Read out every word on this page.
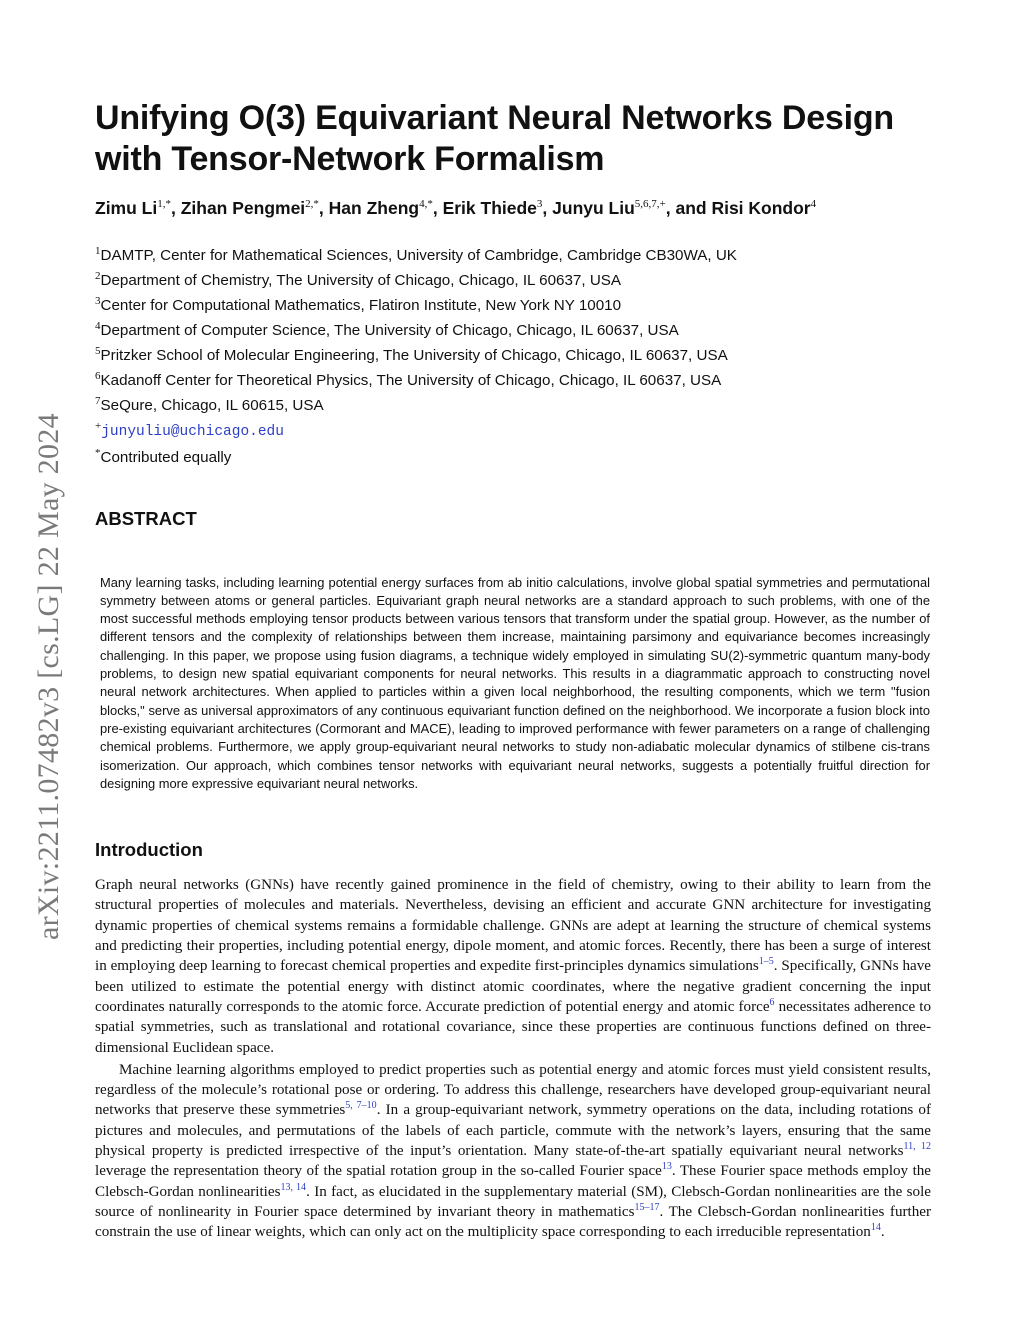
arXiv:2211.07482v3 [cs.LG] 22 May 2024
Unifying O(3) Equivariant Neural Networks Design
with Tensor-Network Formalism
Zimu $Li^{1,*}$, Zihan Pengmei$^{2,*}$, Han Zheng$^{4,*}$, Erik Thiede$^3$, Junyu Liu$^{5,6,7,+}$, and Risi Kondor$^4$
$^1$DAMTP, Center for Mathematical Sciences, University of Cambridge, Cambridge CB30WA, UK
$^2$Department of Chemistry, The University of Chicago, Chicago, IL 60637, USA
$^3$Center for Computational Mathematics, Flatiron Institute, New York NY 10010
$^4$Department of Computer Science, The University of Chicago, Chicago, IL 60637, USA
$^5$Pritzker School of Molecular Engineering, The University of Chicago, Chicago, IL 60637, USA
$^6$Kadanoff Center for Theoretical Physics, The University of Chicago, Chicago, IL 60637, USA
$^7$SeQure, Chicago, IL 60615, USA
+junyuliu@uchicago.edu
*Contributed equally
ABSTRACT

Many learning tasks, including learning potential energy surfaces from ab initio calculations, involve global spatial symmetries and permutational symmetry between atoms or general particles. Equivariant graph neural networks are a standard approach to such problems, with one of the most successful methods employing tensor products between various tensors that transform under the spatial group. However, as the number of different tensors and the complexity of relationships between them increase, maintaining parsimony and equivariance becomes increasingly challenging. In this paper, we propose using fusion diagrams, a technique widely employed in simulating SU(2)-symmetric quantum many-body problems, to design new spatial equivariant components for neural networks. This results in a diagrammatic approach to constructing novel neural network architectures. When applied to particles within a given local neighborhood, the resulting components, which we term "fusion blocks," serve as universal approximators of any continuous equivariant function defined on the neighborhood. We incorporate a fusion block into pre-existing equivariant architectures (Cormorant and MACE), leading to improved performance with fewer parameters on a range of challenging chemical problems. Furthermore, we apply group-equivariant neural networks to study non-adiabatic molecular dynamics of stilbene cis-trans isomerization. Our approach, which combines tensor networks with equivariant neural networks, suggests a potentially fruitful direction for designing more expressive equivariant neural networks.

Introduction

Graph neural networks (GNNs) have recently gained prominence in the field of chemistry, owing to their ability to learn from the structural properties of molecules and materials. Nevertheless, devising an efficient and accurate GNN architecture for investigating dynamic properties of chemical systems remains a formidable challenge. GNNs are adept at learning the structure of chemical systems and predicting their properties, including potential energy, dipole moment, and atomic forces. Recently, there has been a surge of interest in employing deep learning to forecast chemical properties and expedite first-principles dynamics simulations$^{1-5}$. Specifically, GNNs have been utilized to estimate the potential energy with distinct atomic coordinates, where the negative gradient concerning the input coordinates naturally corresponds to the atomic force. Accurate prediction of potential energy and atomic force$^6$ necessitates adherence to spatial symmetries, such as translational and rotational covariance, since these properties are continuous functions defined on three-dimensional Euclidean space.

Machine learning algorithms employed to predict properties such as potential energy and atomic forces must yield consistent results, regardless of the molecule’s rotational pose or ordering. To address this challenge, researchers have developed group-equivariant neural networks that preserve these symmetries$^{5, 7-10}$. In a group-equivariant network, symmetry operations on the data, including rotations of pictures and molecules, and permutations of the labels of each particle, commute with the network’s layers, ensuring that the same physical property is predicted irrespective of the input’s orientation. Many state-of-the-art spatially equivariant neural networks$^{11, 12}$ leverage the representation theory of the spatial rotation group in the so-called Fourier space$^{13}$. These Fourier space methods employ the Clebsch-Gordan nonlinearities$^{13, 14}$. In fact, as elucidated in the supplementary material (SM), Clebsch-Gordan nonlinearities are the sole source of nonlinearity in Fourier space determined by invariant theory in mathematics$^{15-17}$. The Clebsch-Gordan nonlinearities further constrain the use of linear weights, which can only act on the multiplicity space corresponding to each irreducible representation$^{14}$.
